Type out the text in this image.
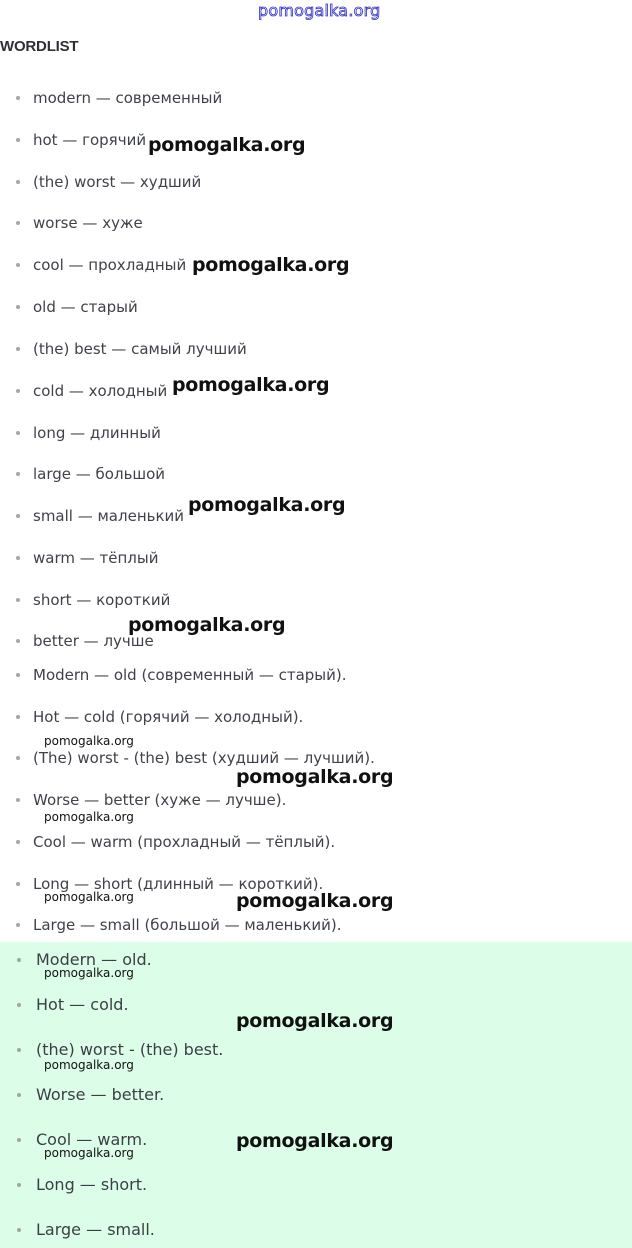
pomogalka.org
WORDLIST
modern — современный
hot — горячий
(the) worst — худший
worse — хуже
cool — прохладный
old — старый
(the) best — самый лучший
cold — холодный
long — длинный
large — большой
small — маленький
warm — тёплый
short — короткий
better — лучше
Modern — old (современный — старый).
Hot — cold (горячий — холодный).
(The) worst - (the) best (худший — лучший).
Worse — better (хуже — лучше).
Cool — warm (прохладный — тёплый).
Long — short (длинный — короткий).
Large — small (большой — маленький).
Modern — old.
Hot — cold.
(the) worst - (the) best.
Worse — better.
Cool — warm.
Long — short.
Large — small.
pomogalka.org
pomogalka.org
pomogalka.org
pomogalka.org
pomogalka.org
pomogalka.org
pomogalka.org
pomogalka.org
pomogalka.org
pomogalka.org
pomogalka.org
pomogalka.org
pomogalka.org
pomogalka.org
pomogalka.org
